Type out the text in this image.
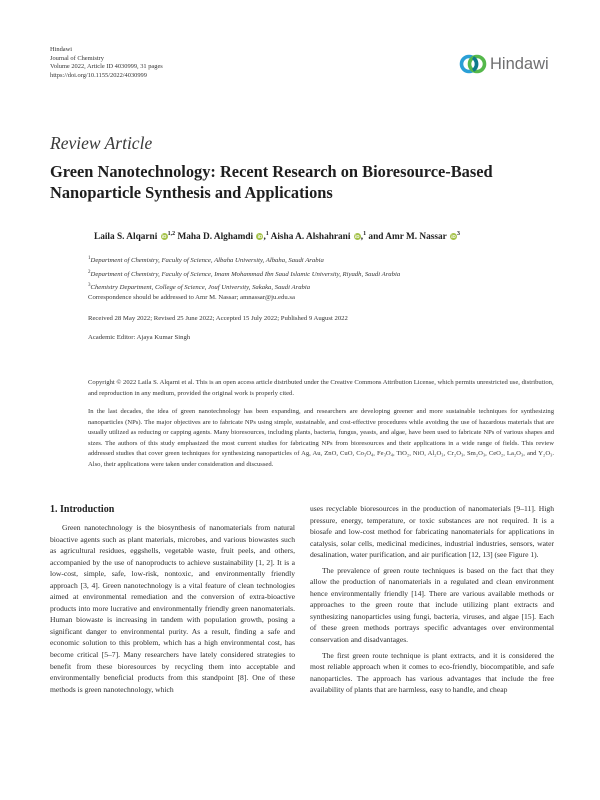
Hindawi
Journal of Chemistry
Volume 2022, Article ID 4030999, 31 pages
https://doi.org/10.1155/2022/4030999
Hindawi
Review Article
Green Nanotechnology: Recent Research on Bioresource-Based Nanoparticle Synthesis and Applications
Laila S. Alqarni iD$^{1,2}$ Maha D. Alghamdi iD,$^1$ Aisha A. Alshahrani iD,$^1$ and Amr M. Nassar $iD^3$
$^1$Department of Chemistry, Faculty of Science, Albaha University, Albaha, Saudi Arabia
$^2$Department of Chemistry, Faculty of Science, Imam Mohammad Ibn Saud Islamic University, Riyadh, Saudi Arabia
$^3$Chemistry Department, College of Science, Jouf University, Sakaka, Saudi Arabia
Correspondence should be addressed to Amr M. Nassar; amnassar@ju.edu.sa
Received 28 May 2022; Revised 25 June 2022; Accepted 15 July 2022; Published 9 August 2022
Academic Editor: Ajaya Kumar Singh
Copyright © 2022 Laila S. Alqarni et al. This is an open access article distributed under the Creative Commons Attribution License, which permits unrestricted use, distribution, and reproduction in any medium, provided the original work is properly cited.
In the last decades, the idea of green nanotechnology has been expanding, and researchers are developing greener and more sustainable techniques for synthesizing nanoparticles (NPs). The major objectives are to fabricate NPs using simple, sustainable, and cost-effective procedures while avoiding the use of hazardous materials that are usually utilized as reducing or capping agents. Many bioresources, including plants, bacteria, fungus, yeasts, and algae, have been used to fabricate NPs of various shapes and sizes. The authors of this study emphasized the most current studies for fabricating NPs from bioresources and their applications in a wide range of fields. This review addressed studies that cover green techniques for synthesizing nanoparticles of Ag, Au, ZnO, CuO, Co₃O₄, Fe₃O₄, TiO₂, NiO, Al₂O₃, Cr₂O₃, Sm₂O₃, CeO₂, La₂O₃, and Y₂O₃. Also, their applications were taken under consideration and discussed.
1. Introduction

Green nanotechnology is the biosynthesis of nanomaterials from natural bioactive agents such as plant materials, microbes, and various biowastes such as agricultural residues, eggshells, vegetable waste, fruit peels, and others, accompanied by the use of nanoproducts to achieve sustainability [1, 2]. It is a low-cost, simple, safe, low-risk, nontoxic, and environmentally friendly approach [3, 4]. Green nanotechnology is a vital feature of clean technologies aimed at environmental remediation and the conversion of extra-bioactive products into more lucrative and environmentally friendly green nanomaterials. Human biowaste is increasing in tandem with population growth, posing a significant danger to environmental purity. As a result, finding a safe and economic solution to this problem, which has a high environmental cost, has become critical [5–7]. Many researchers have lately considered strategies to benefit from these bioresources by recycling them into acceptable and environmentally beneficial products from this standpoint [8]. One of these methods is green nanotechnology, which

uses recyclable bioresources in the production of nanomaterials [9–11]. High pressure, energy, temperature, or toxic substances are not required. It is a biosafe and low-cost method for fabricating nanomaterials for applications in catalysis, solar cells, medicinal medicines, industrial industries, sensors, water desalination, water purification, and air purification [12, 13] (see Figure 1).

The prevalence of green route techniques is based on the fact that they allow the production of nanomaterials in a regulated and clean environment hence environmentally friendly [14]. There are various available methods or approaches to the green route that include utilizing plant extracts and synthesizing nanoparticles using fungi, bacteria, viruses, and algae [15]. Each of these green methods portrays specific advantages over environmental conservation and disadvantages.

The first green route technique is plant extracts, and it is considered the most reliable approach when it comes to eco-friendly, biocompatible, and safe nanoparticles. The approach has various advantages that include the free availability of plants that are harmless, easy to handle, and cheap
